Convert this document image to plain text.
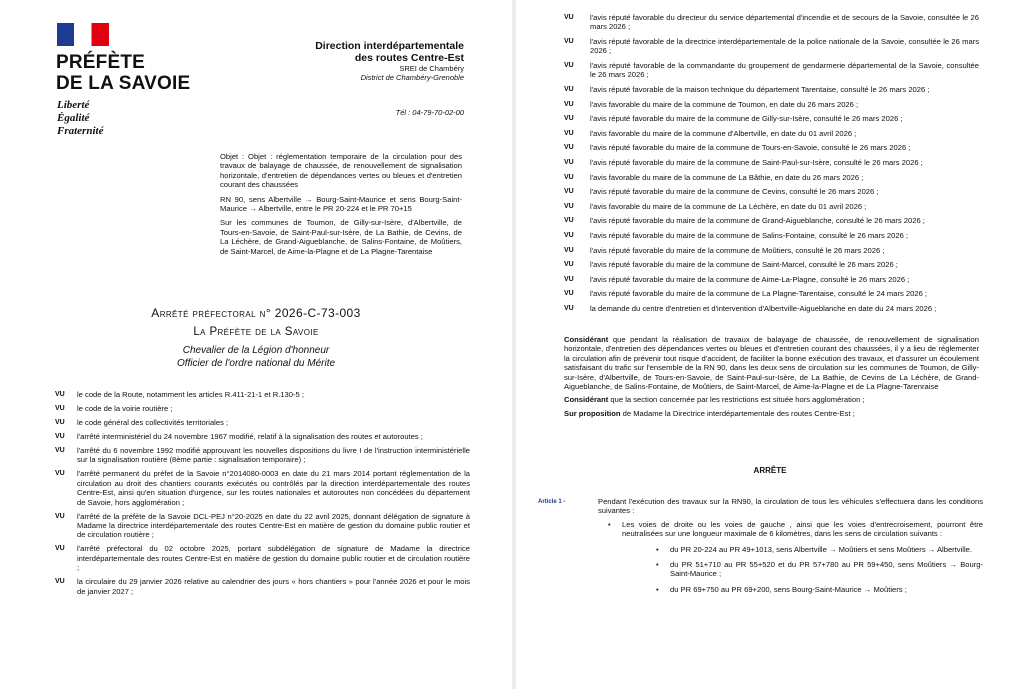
PRÉFÈTE
DE LA SAVOIE
Liberté
Égalité
Fraternité
Direction interdépartementale
des routes Centre-Est
SREI de Chambéry
District de Chambéry-Grenoble
Tél : 04-79-70-02-00

Objet : Objet : réglementation temporaire de la circulation pour des travaux de balayage de chaussée, de renouvellement de signalisation horizontale, d'entretien de dépendances vertes ou bleues et d'entretien courant des chaussées

RN 90, sens Albertville → Bourg-Saint-Maurice et sens Bourg-Saint-Maurice → Albertville, entre le PR 20-224 et le PR 70+15

Sur les communes de Toumon, de Gilly-sur-Isère, d'Albertville, de Tours-en-Savoie, de Saint-Paul-sur-Isère, de La Bathie, de Cevins, de La Léchère, de Grand-Aigueblanche, de Salins-Fontaine, de Moûtiers, de Saint-Marcel, de Aime-la-Plagne et de La Plagne-Tarentaise

Arrêté préfectoral n° 2026-C-73-003
La Préfète de la Savoie
Chevalier de la Légion d'honneur
Officier de l'ordre national du Mérite
VU	le code de la Route, notamment les articles R.411-21-1 et R.130-5 ;
VU	le code de la voirie routière ;
VU	le code général des collectivités territoriales ;
VU	l'arrêté interministériel du 24 novembre 1967 modifié, relatif à la signalisation des routes et autoroutes ;
VU	l'arrêté du 6 novembre 1992 modifié approuvant les nouvelles dispositions du livre I de l'instruction interministérielle sur la signalisation routière (8ème partie : signalisation temporaire) ;
VU	l'arrêté permanent du préfet de la Savoie n°2014080-0003 en date du 21 mars 2014 portant réglementation de la circulation au droit des chantiers courants exécutés ou contrôlés par la direction interdépartementale des routes Centre-Est, ainsi qu'en situation d'urgence, sur les routes nationales et autoroutes non concédées du département de Savoie, hors agglomération ;
VU	l'arrêté de la préfète de la Savoie DCL-PEJ n°20-2025 en date du 22 avril 2025, donnant délégation de signature à Madame la directrice interdépartementale des routes Centre-Est en matière de gestion du domaine public routier et de circulation routière ;
VU	l'arrêté préfectoral du 02 octobre 2025, portant subdélégation de signature de Madame la directrice interdépartementale des routes Centre-Est en matière de gestion du domaine public routier et de circulation routière ;
VU	la circulaire du 29 janvier 2026 relative au calendrier des jours « hors chantiers » pour l'année 2026 et pour le mois de janvier 2027 ;
VU	l'avis réputé favorable du directeur du service départemental d'incendie et de secours de la Savoie, consultée le 26 mars 2026 ;
VU	l'avis réputé favorable de la directrice interdépartementale de la police nationale de la Savoie, consultée le 26 mars 2026 ;
VU	l'avis réputé favorable de la commandante du groupement de gendarmerie départemental de la Savoie, consultée le 26 mars 2026 ;
VU	l'avis réputé favorable de la maison technique du département Tarentaise, consulté le 26 mars 2026 ;
VU	l'avis favorable du maire de la commune de Toumon, en date du 26 mars 2026 ;
VU	l'avis réputé favorable du maire de la commune de Gilly-sur-Isère, consulté le 26 mars 2026 ;
VU	l'avis favorable du maire de la commune d'Albertville, en date du 01 avril 2026 ;
VU	l'avis réputé favorable du maire de la commune de Tours-en-Savoie, consulté le 26 mars 2026 ;
VU	l'avis réputé favorable du maire de la commune de Saint-Paul-sur-Isère, consulté le 26 mars 2026 ;
VU	l'avis favorable du maire de la commune de La Bâthie, en date du 26 mars 2026 ;
VU	l'avis réputé favorable du maire de la commune de Cevins, consulté le 26 mars 2026 ;
VU	l'avis favorable du maire de la commune de La Léchère, en date du 01 avril 2026 ;
VU	l'avis réputé favorable du maire de la commune de Grand-Aigueblanche, consulté le 26 mars 2026 ;
VU	l'avis réputé favorable du maire de la commune de Salins-Fontaine, consulté le 26 mars 2026 ;
VU	l'avis réputé favorable du maire de la commune de Moûtiers, consulté le 26 mars 2026 ;
VU	l'avis réputé favorable du maire de la commune de Saint-Marcel, consulté le 26 mars 2026 ;
VU	l'avis réputé favorable du maire de la commune de Aime-La-Plagne, consulté le 26 mars 2026 ;
VU	l'avis réputé favorable du maire de la commune de La Plagne-Tarentaise, consulté le 24 mars 2026 ;
VU	la demande du centre d'entretien et d'intervention d'Albertville-Aigueblanche en date du 24 mars 2026 ;

Considérant que pendant la réalisation de travaux de balayage de chaussée, de renouvellement de signalisation horizontale, d'entretien des dépendances vertes ou bleues et d'entretien courant des chaussées, il y a lieu de réglementer la circulation afin de prévenir tout risque d'accident, de faciliter la bonne exécution des travaux, et d'assurer un écoulement satisfaisant du trafic sur l'ensemble de la RN 90, dans les deux sens de circulation sur les communes de Toumon, de Gilly-sur-Isère, d'Albertville, de Tours-en-Savoie, de Saint-Paul-sur-Isère, de La Bathie, de Cevins de La Léchère, de Grand-Aigueblanche, de Salins-Fontaine, de Moûtiers, de Saint-Marcel, de Aime-la-Plagne et de La Plagne-Tarenraise

Considérant que la section concernée par les restrictions est située hors agglomération ;

Sur proposition de Madame la Directrice interdépartementale des routes Centre-Est ;

ARRÊTE
Article 1 -	Pendant l'exécution des travaux sur la RN90, la circulation de tous les véhicules s'effectuera dans les conditions suivantes :

• Les voies de droite ou les voies de gauche , ainsi que les voies d'entrecroisement, pourront être neutralisées sur une longueur maximale de 6 kilomètres, dans les sens de circulation suivants :
• du PR 20-224 au PR 49+1013, sens Albertville → Moûtiers et sens Moûtiers → Albertville.
• du PR 51+710 au PR 55+520 et du PR 57+780 au PR 59+450, sens Moûtiers → Bourg-Saint-Maurice ;
• du PR 69+750 au PR 69+200, sens Bourg-Saint-Maurice → Moûtiers ;
